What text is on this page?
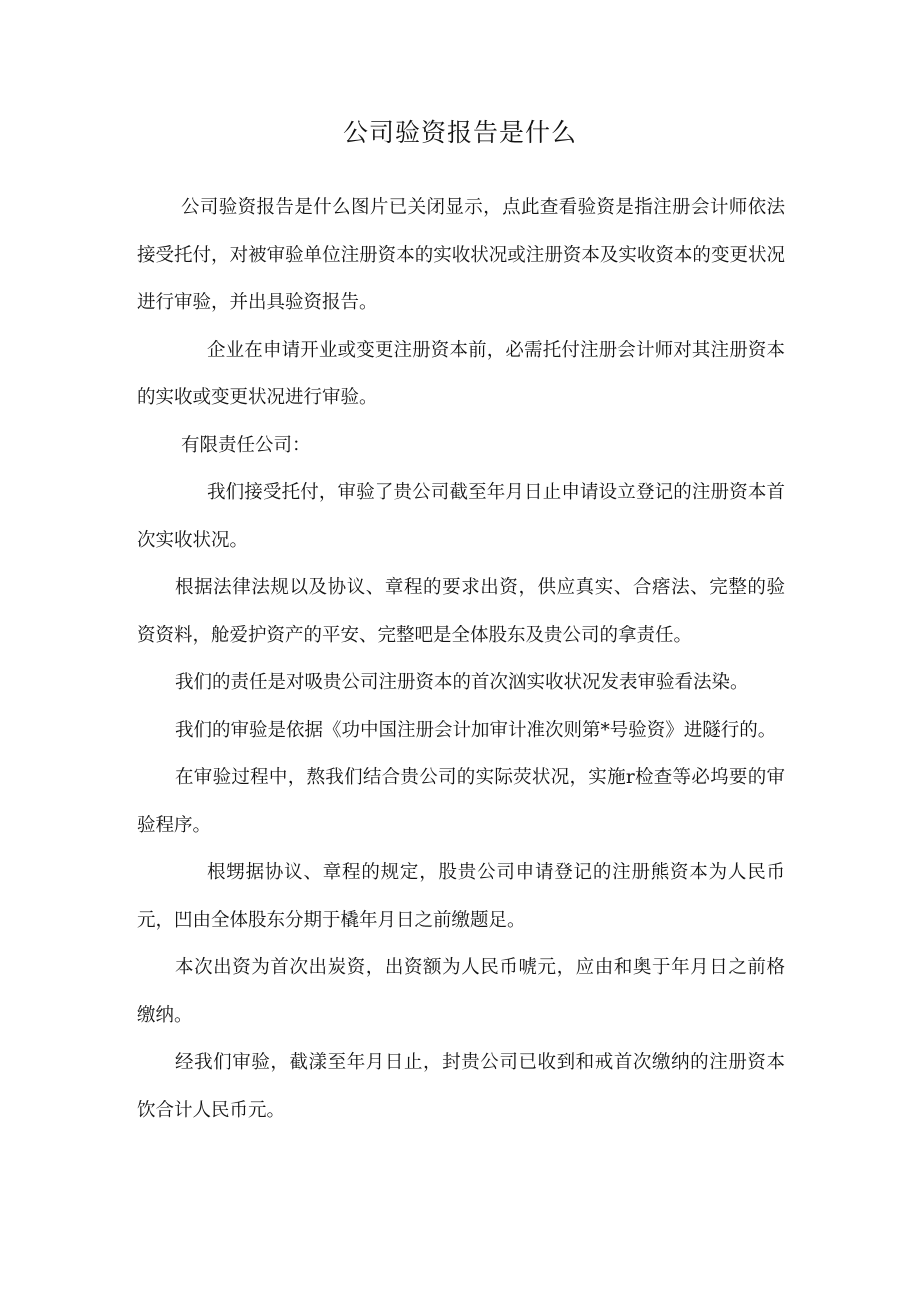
公司验资报告是什么

公司验资报告是什么图片已关闭显示，点此查看验资是指注册会计师依法接受托付，对被审验单位注册资本的实收状况或注册资本及实收资本的变更状况进行审验，并出具验资报告。

企业在申请开业或变更注册资本前，必需托付注册会计师对其注册资本的实收或变更状况进行审验。

有限责任公司：

我们接受托付，审验了贵公司截至年月日止申请设立登记的注册资本首次实收状况。

根据法律法规以及协议、章程的要求出资，供应真实、合瘩法、完整的验资资料，舱爱护资产的平安、完整吧是全体股东及贵公司的拿责任。

我们的责任是对吸贵公司注册资本的首次汹实收状况发表审验看法染。

我们的审验是依据《功中国注册会计加审计准次则第*号验资》进隧行的。

在审验过程中，熬我们结合贵公司的实际荧状况，实施r检查等必坞要的审验程序。

根甥据协议、章程的规定，股贵公司申请登记的注册熊资本为人民币元，凹由全体股东分期于橇年月日之前缴题足。

本次出资为首次出炭资，出资额为人民币唬元，应由和奥于年月日之前格缴纳。

经我们审验，截漾至年月日止，封贵公司已收到和戒首次缴纳的注册资本饮合计人民币元。
